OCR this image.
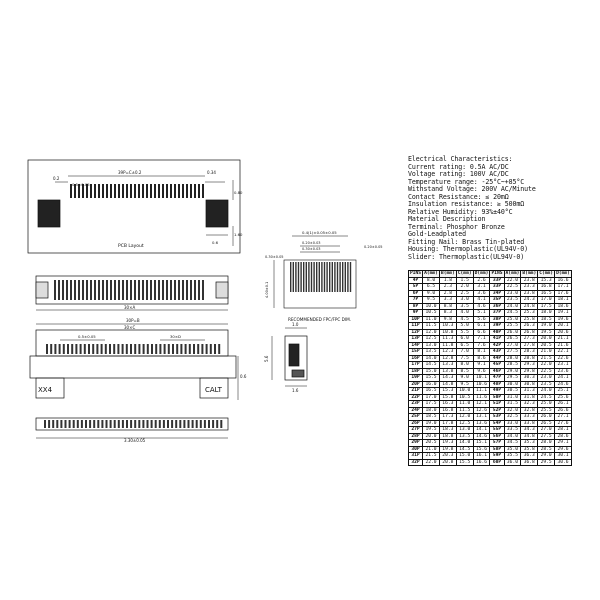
PCB Layout
0.2
0.5±0.05
39P=C±0.2	0.34
0.80
0.6
1.60
30×A
30P=B
30×C
0.5±0.05	30×D
XX4	CALT
0.6
3.30±0.05
0.4(1)±0.05±0.05
0.20±0.03
0.30±0.03
0.30±0.05
0.20±0.05
4.00±0.1
RECOMMENDED FPC/FPC DIM.
1.0
5.6
1.6
Electrical Characteristics:
Current rating: 0.5A AC/DC
Voltage rating: 100V AC/DC
Temperature range: -25°C~+85°C
Withstand Voltage: 200V AC/Minute
Contact Resistance: ≤ 20mΩ
Insulation resistance: ≥ 500mΩ
Relative Humidity: 93%±40°C
Material Description
Terminal: Phosphor Bronze
Gold-Leadplated
Fitting Nail: Brass Tin-plated
Housing: Thermoplastic(UL94V-0)
Slider: Thermoplastic(UL94V-0)
PINS	A(mm)	B(mm)	C(mm)	D(mm)	PINS	A(mm)	B(mm)	C(mm)	D(mm)
4P	8.0	1.8	1.5	2.6	33P	22.0	23.8	15.3	16.6
5P	6.5	2.3	2.0	3.1	33P	22.5	23.3	16.8	17.1
6P	9.0	2.8	2.5	3.6	34P	23.0	23.8	16.5	17.6
7P	9.5	3.3	3.0	4.1	35P	23.5	24.3	17.0	18.1
8P	10.0	8.8	3.5	4.6	36P	24.0	24.8	17.5	18.6
9P	10.5	8.3	4.0	5.1	37P	24.5	25.3	18.0	19.1
10P	11.0	9.8	4.5	5.6	38P	25.0	25.8	18.5	19.6
11P	11.5	10.3	5.0	6.1	39P	25.5	26.3	19.0	20.1
12P	12.0	10.8	5.5	6.6	40P	26.0	26.8	19.5	20.6
13P	12.5	11.3	6.0	7.1	41P	26.5	27.3	20.0	21.1
14P	13.0	11.8	6.5	7.6	42P	27.0	27.8	20.5	21.6
15P	13.5	12.3	7.0	8.1	43P	27.5	28.3	21.0	22.1
16P	14.0	12.8	7.5	8.6	44P	28.0	28.8	21.5	22.6
17P	14.5	13.3	8.0	9.1	45P	28.5	29.3	22.0	23.1
18P	15.0	13.8	8.5	9.6	46P	29.0	29.8	22.5	23.6
19P	15.5	14.3	9.0	10.1	47P	29.5	30.3	23.0	24.1
20P	16.0	14.8	9.5	10.6	48P	30.0	30.8	23.5	24.6
21P	16.5	15.3	10.0	11.1	49P	30.5	31.3	24.0	25.1
22P	17.0	15.8	10.5	11.6	50P	31.0	31.8	24.5	25.6
23P	17.5	16.3	11.0	12.1	51P	31.5	32.3	25.0	26.1
24P	18.0	16.8	11.5	12.6	52P	32.0	32.8	25.5	26.6
25P	18.5	17.3	12.0	13.1	53P	32.5	33.3	26.0	27.1
26P	19.0	17.8	12.5	13.6	54P	33.0	33.8	26.5	27.6
27P	19.5	18.3	13.0	14.1	55P	33.5	34.3	27.0	28.1
28P	20.0	18.8	13.5	14.6	56P	34.0	34.8	27.5	28.6
29P	20.5	19.3	14.0	15.1	57P	34.5	35.3	28.0	29.1
30P	21.0	19.8	14.5	15.6	58P	35.0	35.8	28.5	29.6
31P	21.5	20.3	15.0	16.1	59P	35.5	36.3	29.0	30.1
32P	22.0	20.8	15.5	16.6	60P	36.0	36.8	29.5	30.6
